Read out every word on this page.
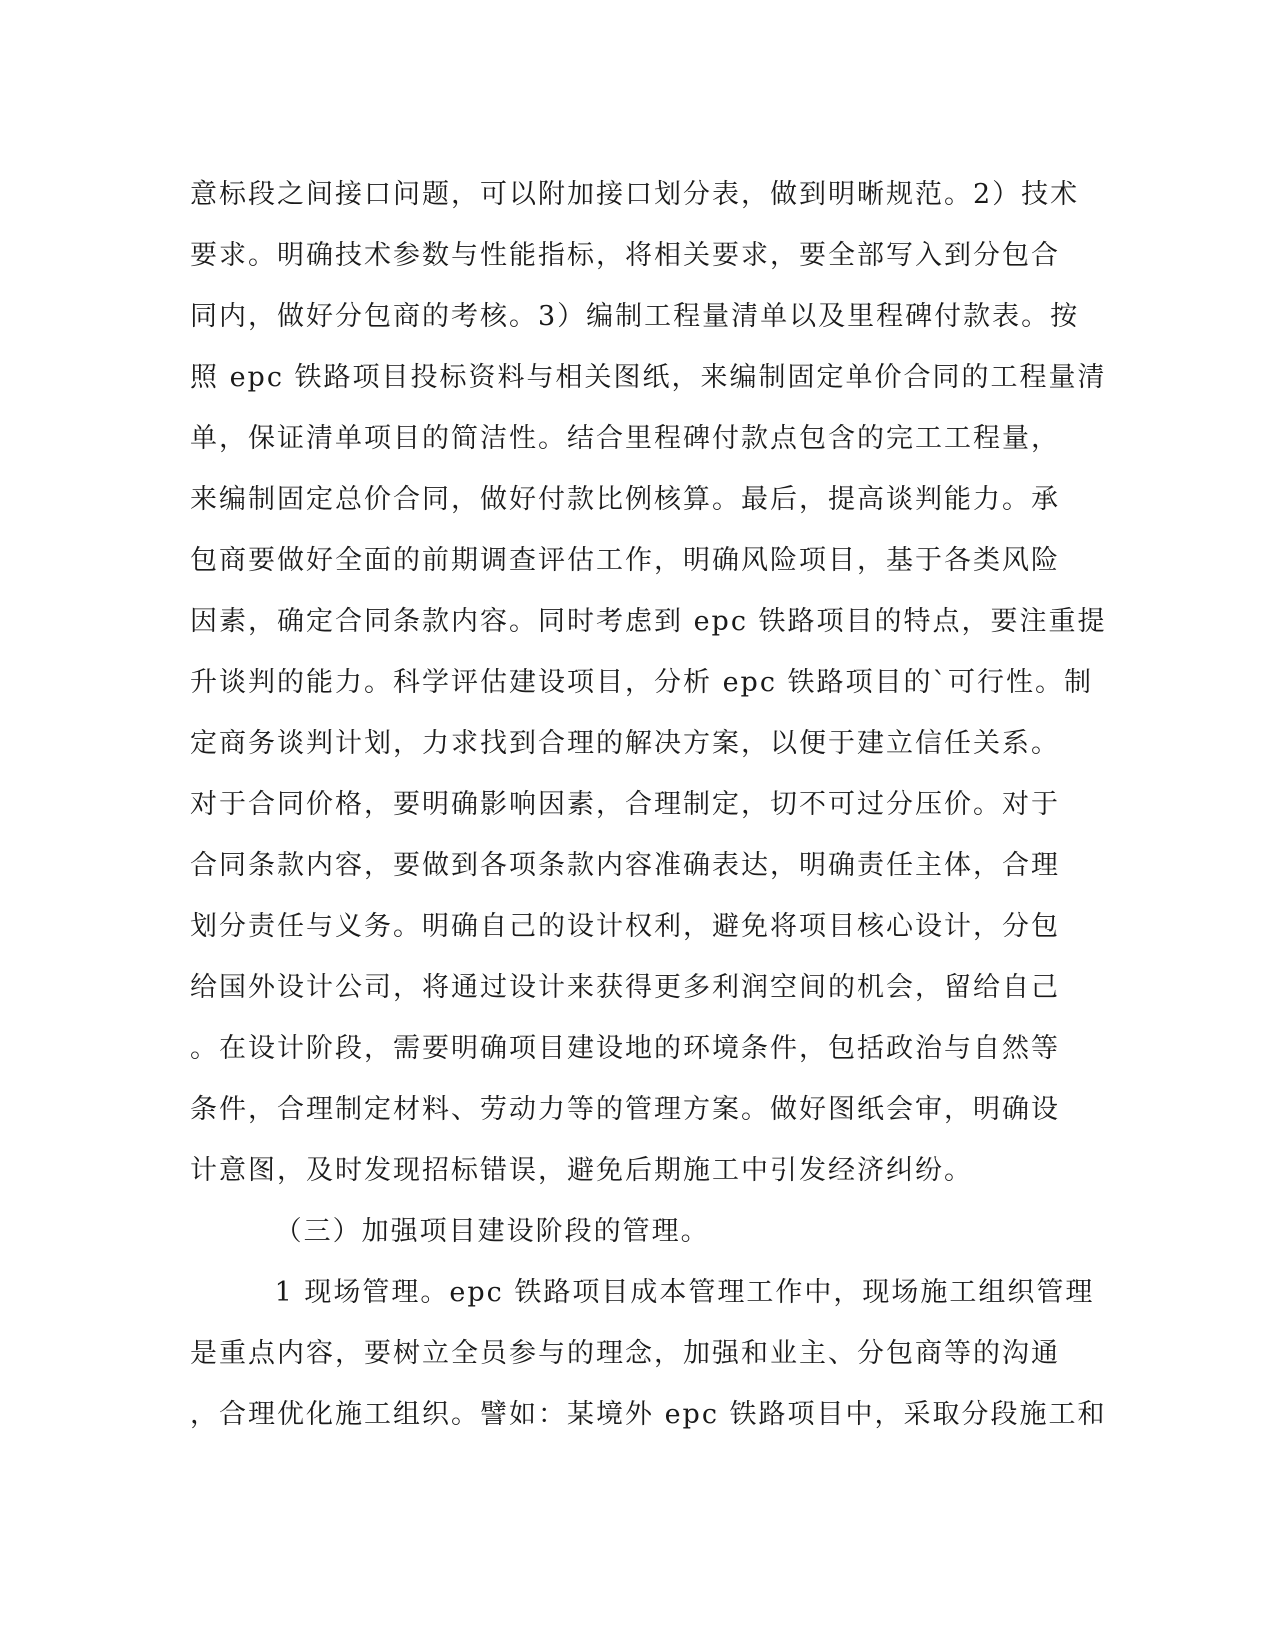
意标段之间接口问题，可以附加接口划分表，做到明晰规范。2）技术
要求。明确技术参数与性能指标，将相关要求，要全部写入到分包合
同内，做好分包商的考核。3）编制工程量清单以及里程碑付款表。按
照 epc 铁路项目投标资料与相关图纸，来编制固定单价合同的工程量清
单，保证清单项目的简洁性。结合里程碑付款点包含的完工工程量，
来编制固定总价合同，做好付款比例核算。最后，提高谈判能力。承
包商要做好全面的前期调查评估工作，明确风险项目，基于各类风险
因素，确定合同条款内容。同时考虑到 epc 铁路项目的特点，要注重提
升谈判的能力。科学评估建设项目，分析 epc 铁路项目的`可行性。制
定商务谈判计划，力求找到合理的解决方案，以便于建立信任关系。
对于合同价格，要明确影响因素，合理制定，切不可过分压价。对于
合同条款内容，要做到各项条款内容准确表达，明确责任主体，合理
划分责任与义务。明确自己的设计权利，避免将项目核心设计，分包
给国外设计公司，将通过设计来获得更多利润空间的机会，留给自己
。在设计阶段，需要明确项目建设地的环境条件，包括政治与自然等
条件，合理制定材料、劳动力等的管理方案。做好图纸会审，明确设
计意图，及时发现招标错误，避免后期施工中引发经济纠纷。
（三）加强项目建设阶段的管理。
1 现场管理。epc 铁路项目成本管理工作中，现场施工组织管理
是重点内容，要树立全员参与的理念，加强和业主、分包商等的沟通
，合理优化施工组织。譬如：某境外 epc 铁路项目中，采取分段施工和
